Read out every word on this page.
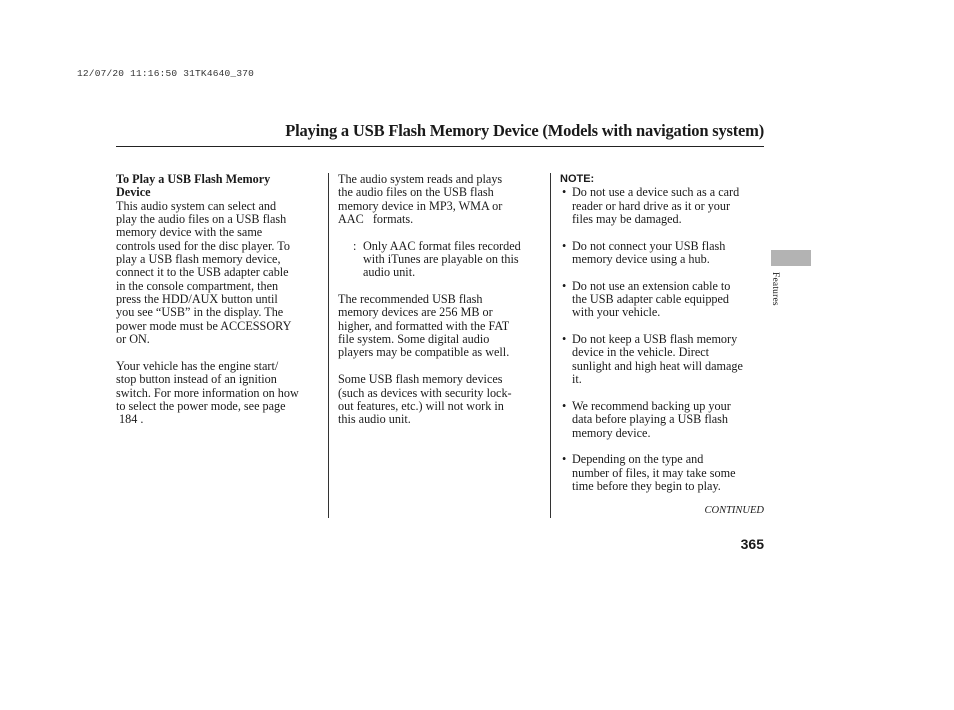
12/07/20 11:16:50 31TK4640_370
Playing a USB Flash Memory Device (Models with navigation system)

To Play a USB Flash Memory
Device

This audio system can select and
play the audio files on a USB flash
memory device with the same
controls used for the disc player. To
play a USB flash memory device,
connect it to the USB adapter cable
in the console compartment, then
press the HDD/AUX button until
you see “USB” in the display. The
power mode must be ACCESSORY
or ON.

Your vehicle has the engine start/
stop button instead of an ignition
switch. For more information on how
to select the power mode, see page
184 .

The audio system reads and plays
the audio files on the USB flash
memory device in MP3, WMA or
AAC   formats.

: Only AAC format files recorded
with iTunes are playable on this
audio unit.

The recommended USB flash
memory devices are 256 MB or
higher, and formatted with the FAT
file system. Some digital audio
players may be compatible as well.

Some USB flash memory devices
(such as devices with security lock-
out features, etc.) will not work in
this audio unit.

NOTE:

• Do not use a device such as a card
reader or hard drive as it or your
files may be damaged.

• Do not connect your USB flash
memory device using a hub.

• Do not use an extension cable to
the USB adapter cable equipped
with your vehicle.

• Do not keep a USB flash memory
device in the vehicle. Direct
sunlight and high heat will damage
it.

• We recommend backing up your
data before playing a USB flash
memory device.

• Depending on the type and
number of files, it may take some
time before they begin to play.

CONTINUED
365
Features
